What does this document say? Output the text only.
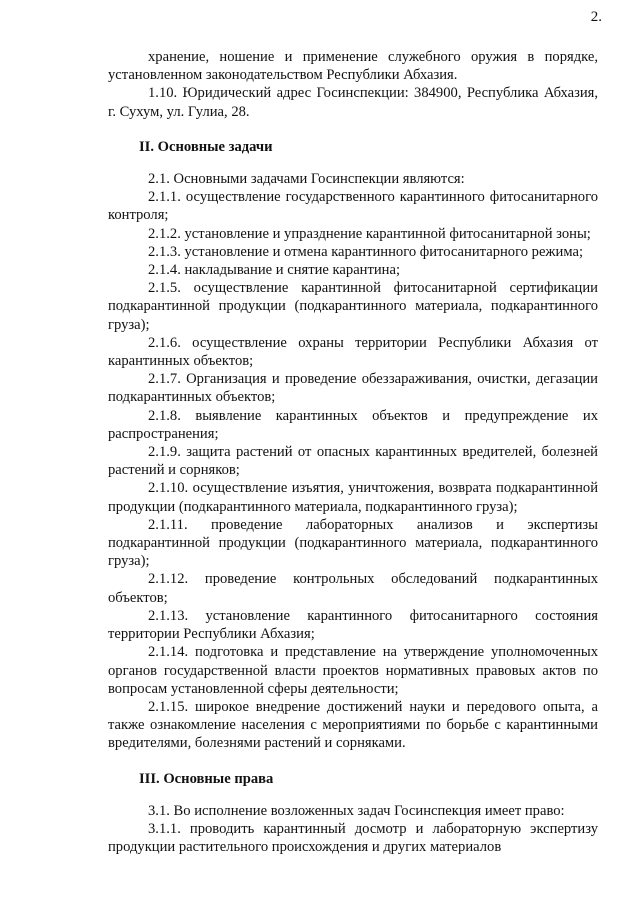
2.

хранение, ношение и применение служебного оружия в порядке, установленном законодательством Республики Абхазия.

1.10. Юридический адрес Госинспекции: 384900, Республика Абхазия, г. Сухум, ул. Гулиа, 28.

II. Основные задачи

2.1. Основными задачами Госинспекции являются:

2.1.1. осуществление государственного карантинного фитосанитарного контроля;

2.1.2. установление и упразднение карантинной фитосанитарной зоны;

2.1.3. установление и отмена карантинного фитосанитарного режима;

2.1.4. накладывание и снятие карантина;

2.1.5. осуществление карантинной фитосанитарной сертификации подкарантинной продукции (подкарантинного материала, подкарантинного груза);

2.1.6. осуществление охраны территории Республики Абхазия от карантинных объектов;

2.1.7. Организация и проведение обеззараживания, очистки, дегазации подкарантинных объектов;

2.1.8. выявление карантинных объектов и предупреждение их распространения;

2.1.9. защита растений от опасных карантинных вредителей, болезней растений и сорняков;

2.1.10. осуществление изъятия, уничтожения, возврата подкарантинной продукции (подкарантинного материала, подкарантинного груза);

2.1.11. проведение лабораторных анализов и экспертизы подкарантинной продукции (подкарантинного материала, подкарантинного груза);

2.1.12. проведение контрольных обследований подкарантинных объектов;

2.1.13. установление карантинного фитосанитарного состояния территории Республики Абхазия;

2.1.14. подготовка и представление на утверждение уполномоченных органов государственной власти проектов нормативных правовых актов по вопросам установленной сферы деятельности;

2.1.15. широкое внедрение достижений науки и передового опыта, а также ознакомление населения с мероприятиями по борьбе с карантинными вредителями, болезнями растений и сорняками.

III. Основные права

3.1. Во исполнение возложенных задач Госинспекция имеет право:

3.1.1. проводить карантинный досмотр и лабораторную экспертизу продукции растительного происхождения и других материалов
